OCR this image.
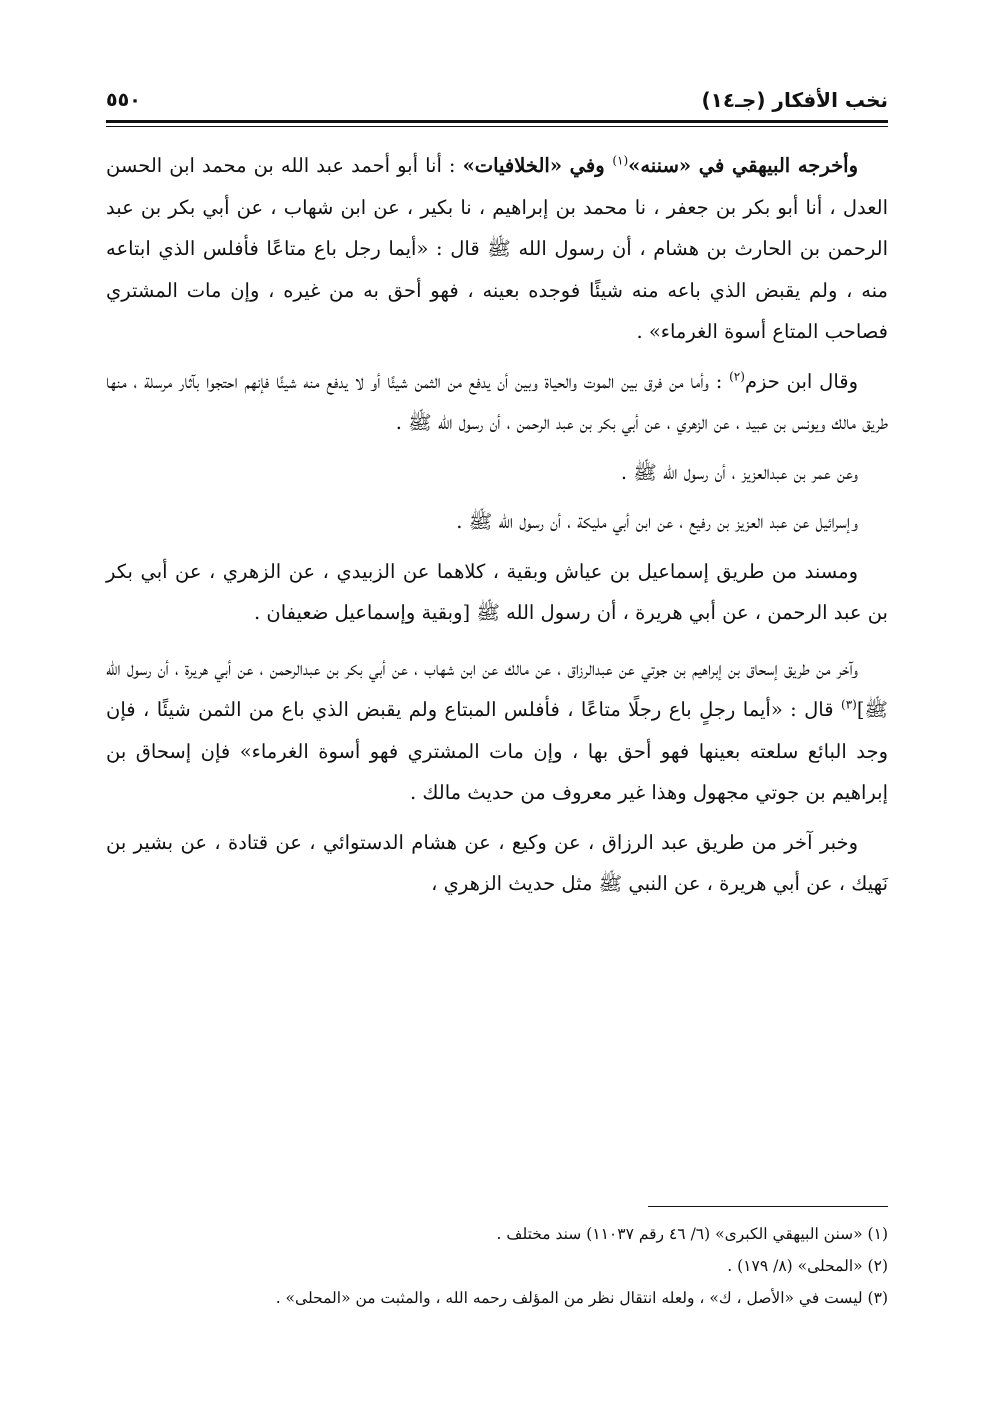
نخب الأفكار (جـ١٤)
٥٥٠

وأخرجه البيهقي في «سننه»$^{(١)}$ وفي «الخلافيات» : أنا أبو أحمد عبد الله بن محمد ابن الحسن العدل ، أنا أبو بكر بن جعفر ، نا محمد بن إبراهيم ، نا بكير ، عن ابن شهاب ، عن أبي بكر بن عبد الرحمن بن الحارث بن هشام ، أن رسول الله ﷺ قال : «أيما رجل باع متاعًا فأفلس الذي ابتاعه منه ، ولم يقبض الذي باعه منه شيئًا فوجده بعينه ، فهو أحق به من غيره ، وإن مات المشتري فصاحب المتاع أسوة الغرماء» .

وقال ابن حزم$^{(٢)}$ : وأما من فرق بين الموت والحياة وبين أن يدفع من الثمن شيئًا أو لا يدفع منه شيئًا فإنهم احتجوا بآثار مرسلة ، منها طريق مالك ويونس بن عبيد ، عن الزهري ، عن أبي بكر بن عبد الرحمن ، أن رسول الله ﷺ .

وعن عمر بن عبدالعزيز ، أن رسول الله ﷺ .

وإسرائيل عن عبد العزيز بن رفيع ، عن ابن أبي مليكة ، أن رسول الله ﷺ .

ومسند من طريق إسماعيل بن عياش وبقية ، كلاهما عن الزبيدي ، عن الزهري ، عن أبي بكر بن عبد الرحمن ، عن أبي هريرة ، أن رسول الله ﷺ [وبقية وإسماعيل ضعيفان .

وآخر من طريق إسحاق بن إبراهيم بن جوتي عن عبدالرزاق ، عن مالك عن ابن شهاب ، عن أبي بكر بن عبدالرحمن ، عن أبي هريرة ، أن رسول الله ﷺ]$^{(٣)}$ قال : «أيما رجلٍ باع رجلًا متاعًا ، فأفلس المبتاع ولم يقبض الذي باع من الثمن شيئًا ، فإن وجد البائع سلعته بعينها فهو أحق بها ، وإن مات المشتري فهو أسوة الغرماء» فإن إسحاق بن إبراهيم بن جوتي مجهول وهذا غير معروف من حديث مالك .

وخبر آخر من طريق عبد الرزاق ، عن وكيع ، عن هشام الدستوائي ، عن قتادة ، عن بشير بن نَهيك ، عن أبي هريرة ، عن النبي ﷺ مثل حديث الزهري ،

(١) «سنن البيهقي الكبرى» (٦/ ٤٦ رقم ١١٠٣٧) سند مختلف .
(٢) «المحلى» (٨/ ١٧٩) .
(٣) ليست في «الأصل ، ك» ، ولعله انتقال نظر من المؤلف رحمه الله ، والمثبت من «المحلى» .
